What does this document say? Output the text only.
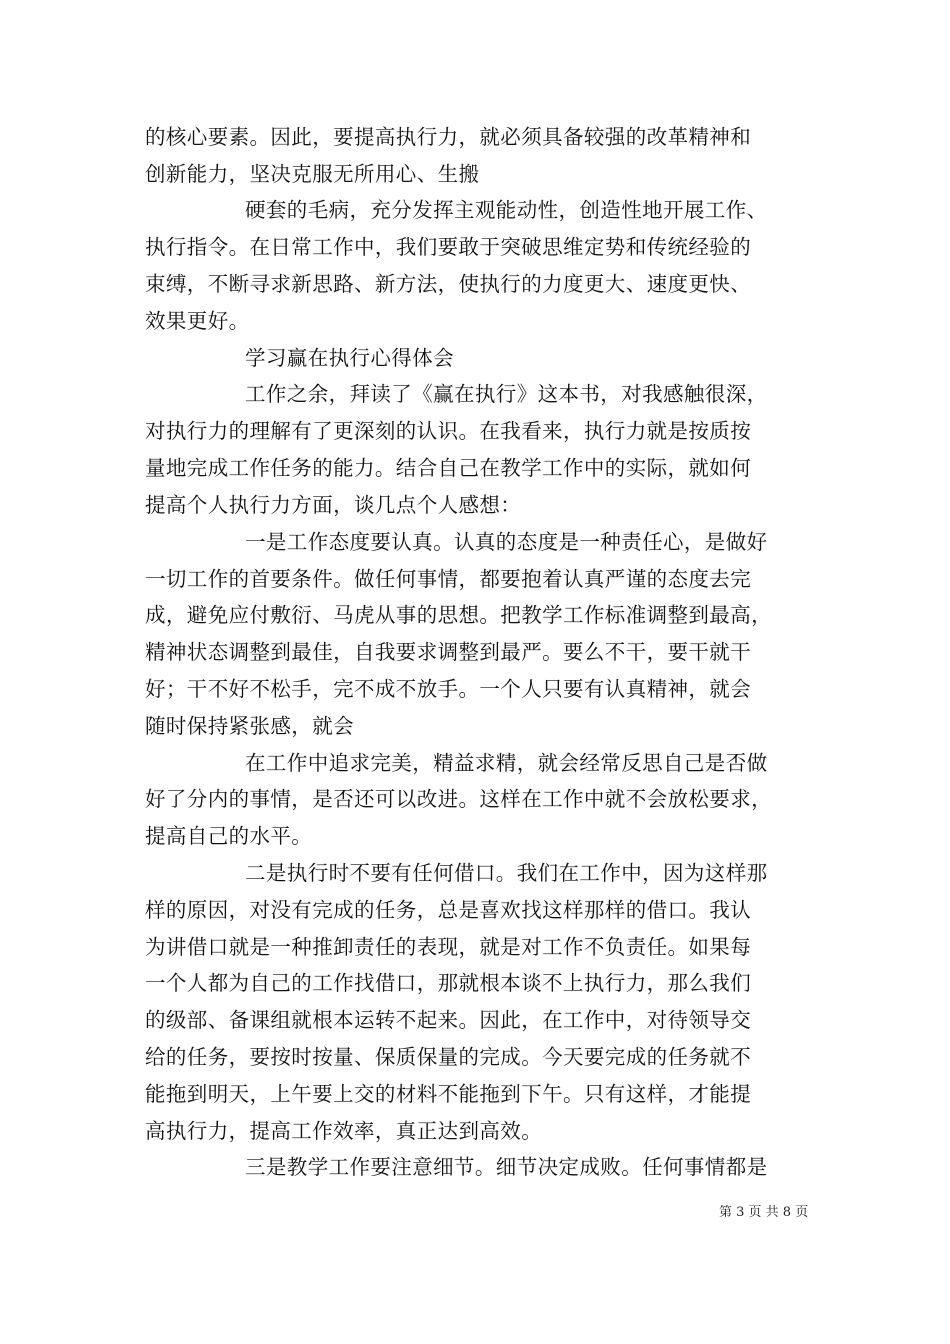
的核心要素。因此，要提高执行力，就必须具备较强的改革精神和
创新能力，坚决克服无所用心、生搬
硬套的毛病，充分发挥主观能动性，创造性地开展工作、
执行指令。在日常工作中，我们要敢于突破思维定势和传统经验的
束缚，不断寻求新思路、新方法，使执行的力度更大、速度更快、
效果更好。
学习赢在执行心得体会
工作之余，拜读了《赢在执行》这本书，对我感触很深，
对执行力的理解有了更深刻的认识。在我看来，执行力就是按质按
量地完成工作任务的能力。结合自己在教学工作中的实际，就如何
提高个人执行力方面，谈几点个人感想：
一是工作态度要认真。认真的态度是一种责任心，是做好
一切工作的首要条件。做任何事情，都要抱着认真严谨的态度去完
成，避免应付敷衍、马虎从事的思想。把教学工作标准调整到最高，
精神状态调整到最佳，自我要求调整到最严。要么不干，要干就干
好；干不好不松手，完不成不放手。一个人只要有认真精神，就会
随时保持紧张感，就会
在工作中追求完美，精益求精，就会经常反思自己是否做
好了分内的事情，是否还可以改进。这样在工作中就不会放松要求，
提高自己的水平。
二是执行时不要有任何借口。我们在工作中，因为这样那
样的原因，对没有完成的任务，总是喜欢找这样那样的借口。我认
为讲借口就是一种推卸责任的表现，就是对工作不负责任。如果每
一个人都为自己的工作找借口，那就根本谈不上执行力，那么我们
的级部、备课组就根本运转不起来。因此，在工作中，对待领导交
给的任务，要按时按量、保质保量的完成。今天要完成的任务就不
能拖到明天，上午要上交的材料不能拖到下午。只有这样，才能提
高执行力，提高工作效率，真正达到高效。
三是教学工作要注意细节。细节决定成败。任何事情都是
第 3 页 共 8 页
